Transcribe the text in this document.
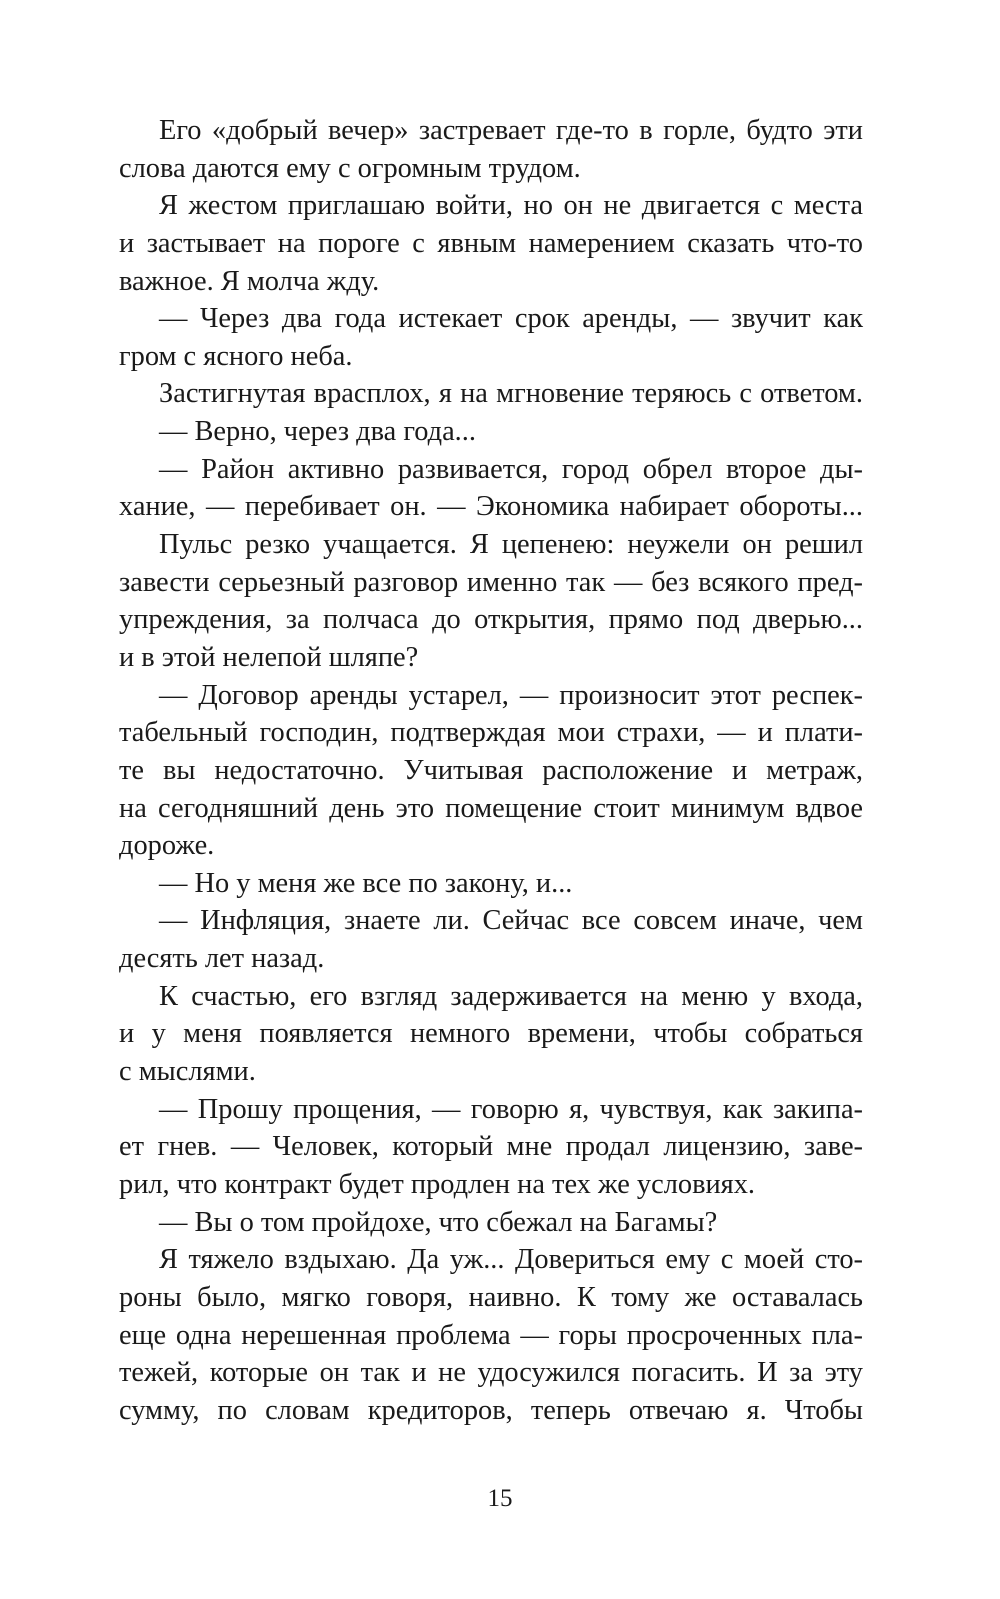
Его «добрый вечер» застревает где-то в горле, будто эти
слова даются ему с огромным трудом.
Я жестом приглашаю войти, но он не двигается с места
и застывает на пороге с явным намерением сказать что-то
важное. Я молча жду.
— Через два года истекает срок аренды, — звучит как
гром с ясного неба.
Застигнутая врасплох, я на мгновение теряюсь с ответом.
— Верно, через два года...
— Район активно развивается, город обрел второе ды-
хание, — перебивает он. — Экономика набирает обороты...
Пульс резко учащается. Я цепенею: неужели он решил
завести серьезный разговор именно так — без всякого пред-
упреждения, за полчаса до открытия, прямо под дверью...
и в этой нелепой шляпе?
— Договор аренды устарел, — произносит этот респек-
табельный господин, подтверждая мои страхи, — и плати-
те вы недостаточно. Учитывая расположение и метраж,
на сегодняшний день это помещение стоит минимум вдвое
дороже.
— Но у меня же все по закону, и...
— Инфляция, знаете ли. Сейчас все совсем иначе, чем
десять лет назад.
К счастью, его взгляд задерживается на меню у входа,
и у меня появляется немного времени, чтобы собраться
с мыслями.
— Прошу прощения, — говорю я, чувствуя, как закипа-
ет гнев. — Человек, который мне продал лицензию, заве-
рил, что контракт будет продлен на тех же условиях.
— Вы о том пройдохе, что сбежал на Багамы?
Я тяжело вздыхаю. Да уж... Довериться ему с моей сто-
роны было, мягко говоря, наивно. К тому же оставалась
еще одна нерешенная проблема — горы просроченных пла-
тежей, которые он так и не удосужился погасить. И за эту
сумму, по словам кредиторов, теперь отвечаю я. Чтобы
15
